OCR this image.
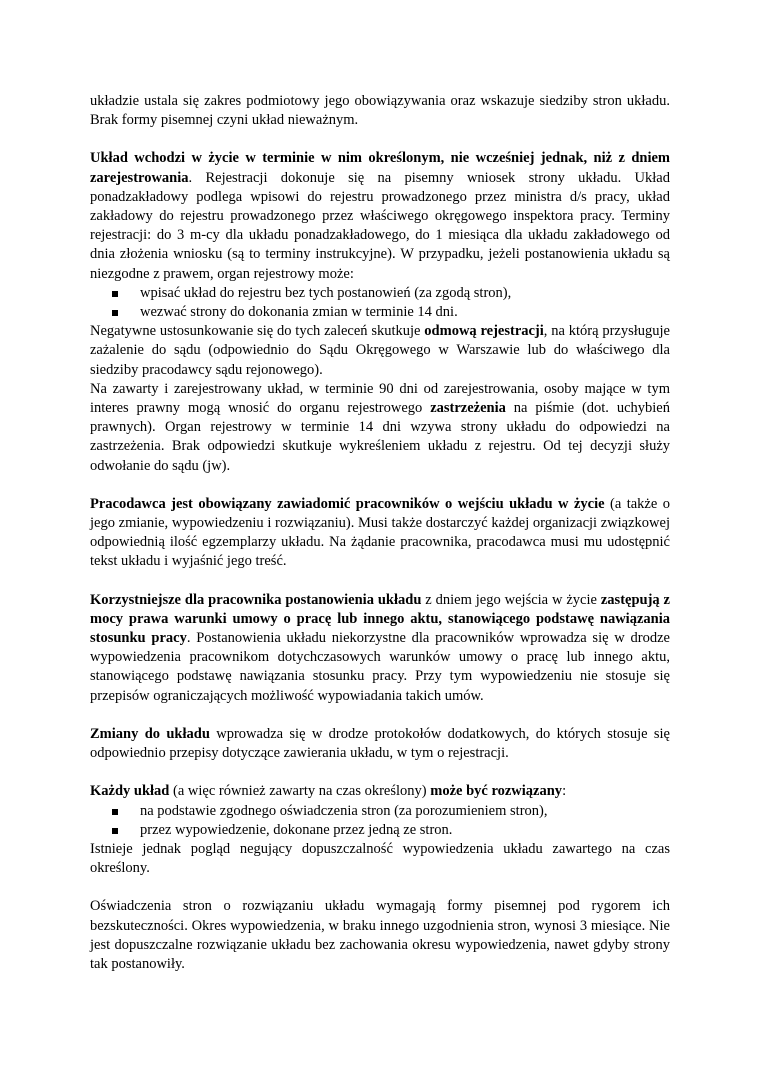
układzie ustala się zakres podmiotowy jego obowiązywania oraz wskazuje siedziby stron układu. Brak formy pisemnej czyni układ nieważnym.

Układ wchodzi w życie w terminie w nim określonym, nie wcześniej jednak, niż z dniem zarejestrowania. Rejestracji dokonuje się na pisemny wniosek strony układu. Układ ponadzakładowy podlega wpisowi do rejestru prowadzonego przez ministra d/s pracy, układ zakładowy do rejestru prowadzonego przez właściwego okręgowego inspektora pracy. Terminy rejestracji: do 3 m-cy dla układu ponadzakładowego, do 1 miesiąca dla układu zakładowego od dnia złożenia wniosku (są to terminy instrukcyjne). W przypadku, jeżeli postanowienia układu są niezgodne z prawem, organ rejestrowy może:

wpisać układ do rejestru bez tych postanowień (za zgodą stron),
wezwać strony do dokonania zmian w terminie 14 dni.

Negatywne ustosunkowanie się do tych zaleceń skutkuje odmową rejestracji, na którą przysługuje zażalenie do sądu (odpowiednio do Sądu Okręgowego w Warszawie lub do właściwego dla siedziby pracodawcy sądu rejonowego).

Na zawarty i zarejestrowany układ, w terminie 90 dni od zarejestrowania, osoby mające w tym interes prawny mogą wnosić do organu rejestrowego zastrzeżenia na piśmie (dot. uchybień prawnych). Organ rejestrowy w terminie 14 dni wzywa strony układu do odpowiedzi na zastrzeżenia. Brak odpowiedzi skutkuje wykreśleniem układu z rejestru. Od tej decyzji służy odwołanie do sądu (jw).

Pracodawca jest obowiązany zawiadomić pracowników o wejściu układu w życie (a także o jego zmianie, wypowiedzeniu i rozwiązaniu). Musi także dostarczyć każdej organizacji związkowej odpowiednią ilość egzemplarzy układu. Na żądanie pracownika, pracodawca musi mu udostępnić tekst układu i wyjaśnić jego treść.

Korzystniejsze dla pracownika postanowienia układu z dniem jego wejścia w życie zastępują z mocy prawa warunki umowy o pracę lub innego aktu, stanowiącego podstawę nawiązania stosunku pracy. Postanowienia układu niekorzystne dla pracowników wprowadza się w drodze wypowiedzenia pracownikom dotychczasowych warunków umowy o pracę lub innego aktu, stanowiącego podstawę nawiązania stosunku pracy. Przy tym wypowiedzeniu nie stosuje się przepisów ograniczających możliwość wypowiadania takich umów.

Zmiany do układu wprowadza się w drodze protokołów dodatkowych, do których stosuje się odpowiednio przepisy dotyczące zawierania układu, w tym o rejestracji.

Każdy układ (a więc również zawarty na czas określony) może być rozwiązany:

na podstawie zgodnego oświadczenia stron (za porozumieniem stron),
przez wypowiedzenie, dokonane przez jedną ze stron.

Istnieje jednak pogląd negujący dopuszczalność wypowiedzenia układu zawartego na czas określony.

Oświadczenia stron o rozwiązaniu układu wymagają formy pisemnej pod rygorem ich bezskuteczności. Okres wypowiedzenia, w braku innego uzgodnienia stron, wynosi 3 miesiące. Nie jest dopuszczalne rozwiązanie układu bez zachowania okresu wypowiedzenia, nawet gdyby strony tak postanowiły.
